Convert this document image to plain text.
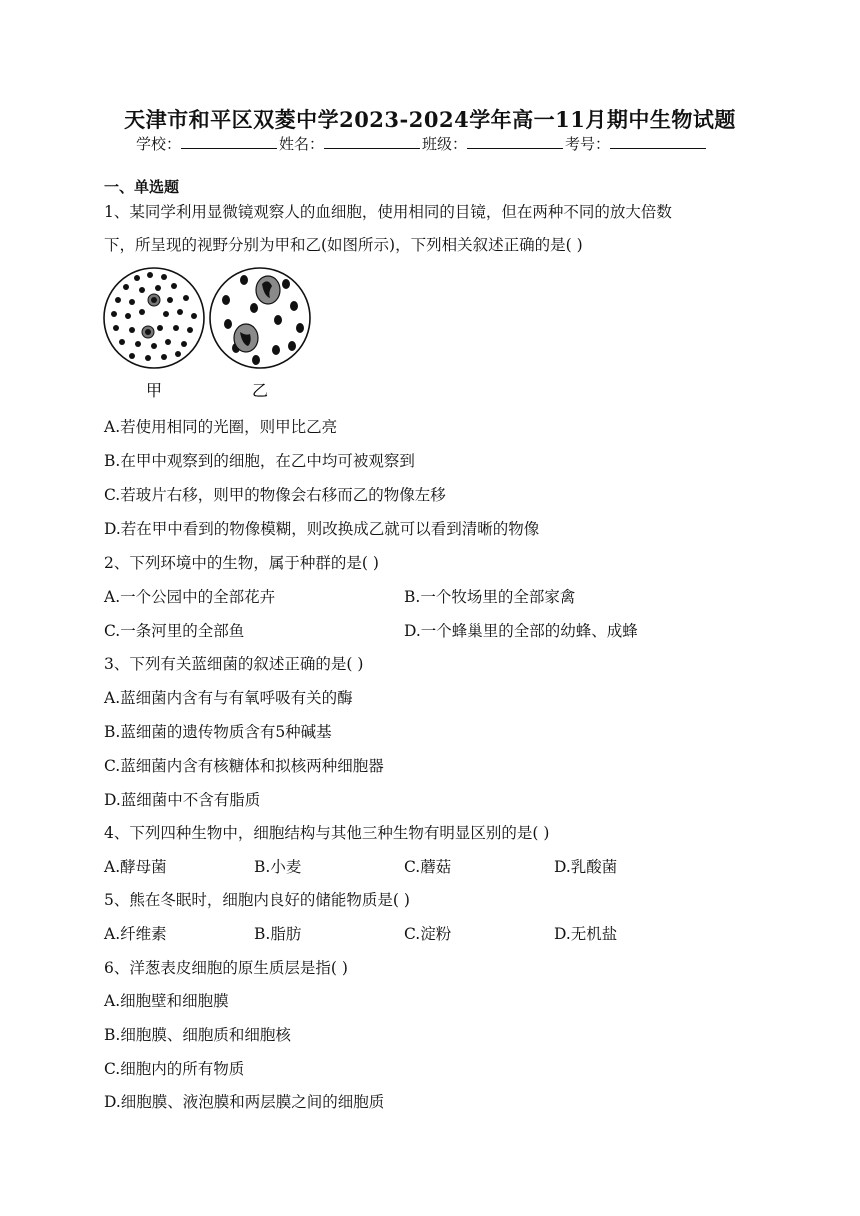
天津市和平区双菱中学2023-2024学年高一11月期中生物试题
学校：	姓名：	班级：	考号：
一、单选题
1、某同学利用显微镜观察人的血细胞，使用相同的目镜，但在两种不同的放大倍数
下，所呈现的视野分别为甲和乙(如图所示)，下列相关叙述正确的是( )
甲	乙
A.若使用相同的光圈，则甲比乙亮
B.在甲中观察到的细胞，在乙中均可被观察到
C.若玻片右移，则甲的物像会右移而乙的物像左移
D.若在甲中看到的物像模糊，则改换成乙就可以看到清晰的物像
2、下列环境中的生物，属于种群的是( )
A.一个公园中的全部花卉	B.一个牧场里的全部家禽
C.一条河里的全部鱼	D.一个蜂巢里的全部的幼蜂、成蜂
3、下列有关蓝细菌的叙述正确的是( )
A.蓝细菌内含有与有氧呼吸有关的酶
B.蓝细菌的遗传物质含有5种碱基
C.蓝细菌内含有核糖体和拟核两种细胞器
D.蓝细菌中不含有脂质
4、下列四种生物中，细胞结构与其他三种生物有明显区别的是( )
A.酵母菌	B.小麦	C.蘑菇	D.乳酸菌
5、熊在冬眠时，细胞内良好的储能物质是( )
A.纤维素	B.脂肪	C.淀粉	D.无机盐
6、洋葱表皮细胞的原生质层是指( )
A.细胞壁和细胞膜
B.细胞膜、细胞质和细胞核
C.细胞内的所有物质
D.细胞膜、液泡膜和两层膜之间的细胞质
